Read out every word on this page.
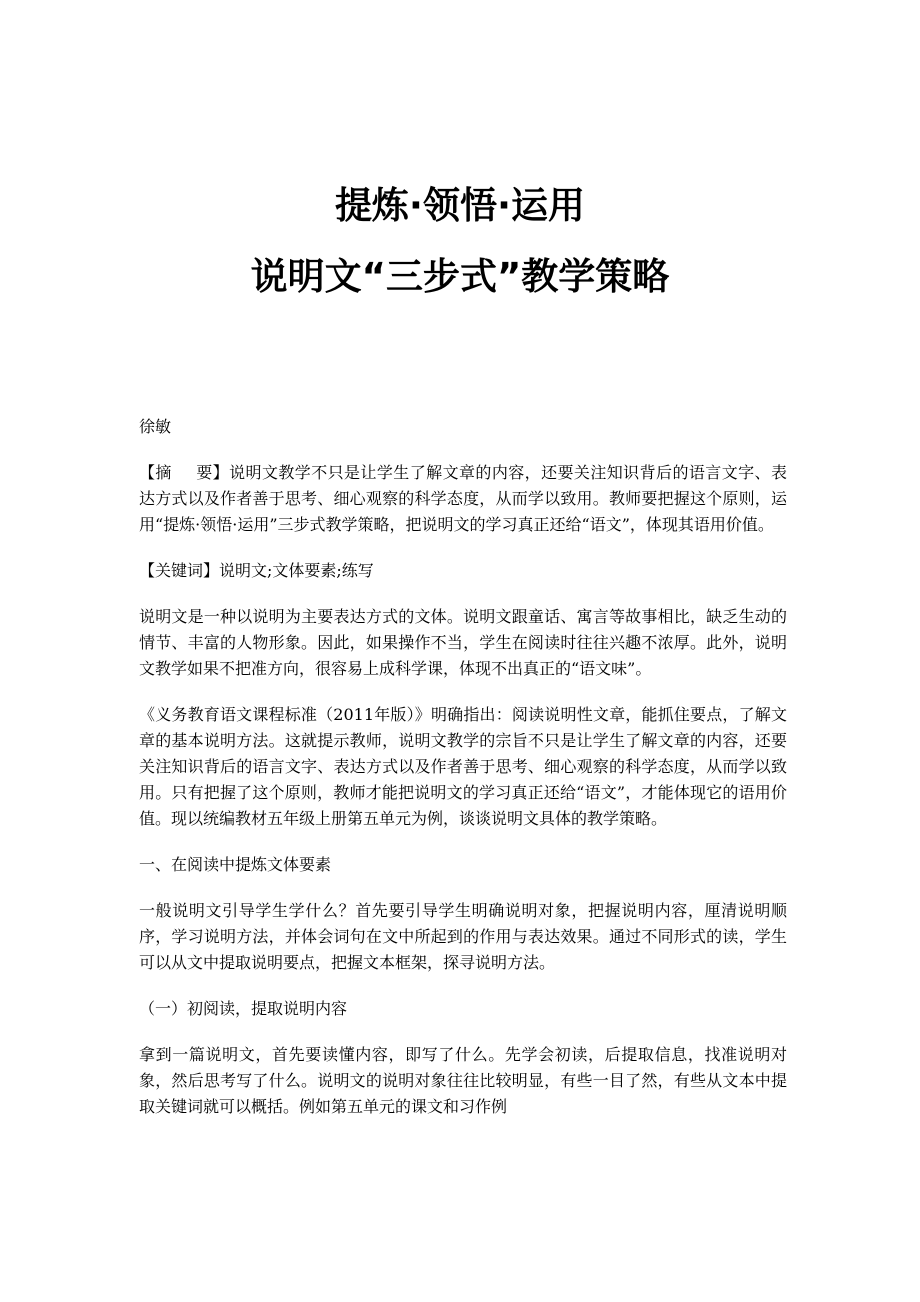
提炼·领悟·运用
说明文“三步式”教学策略

徐敏

【摘 要】说明文教学不只是让学生了解文章的内容，还要关注知识背后的语言文字、表达方式以及作者善于思考、细心观察的科学态度，从而学以致用。教师要把握这个原则，运用“提炼·领悟·运用”三步式教学策略，把说明文的学习真正还给“语文”，体现其语用价值。

【关键词】说明文;文体要素;练写

说明文是一种以说明为主要表达方式的文体。说明文跟童话、寓言等故事相比，缺乏生动的情节、丰富的人物形象。因此，如果操作不当，学生在阅读时往往兴趣不浓厚。此外，说明文教学如果不把准方向，很容易上成科学课，体现不出真正的“语文味”。

《义务教育语文课程标准（2011年版）》明确指出：阅读说明性文章，能抓住要点，了解文章的基本说明方法。这就提示教师，说明文教学的宗旨不只是让学生了解文章的内容，还要关注知识背后的语言文字、表达方式以及作者善于思考、细心观察的科学态度，从而学以致用。只有把握了这个原则，教师才能把说明文的学习真正还给“语文”，才能体现它的语用价值。现以统编教材五年级上册第五单元为例，谈谈说明文具体的教学策略。

一、在阅读中提炼文体要素

一般说明文引导学生学什么？首先要引导学生明确说明对象，把握说明内容，厘清说明顺序，学习说明方法，并体会词句在文中所起到的作用与表达效果。通过不同形式的读，学生可以从文中提取说明要点，把握文本框架，探寻说明方法。

（一）初阅读，提取说明内容

拿到一篇说明文，首先要读懂内容，即写了什么。先学会初读，后提取信息，找准说明对象，然后思考写了什么。说明文的说明对象往往比较明显，有些一目了然，有些从文本中提取关键词就可以概括。例如第五单元的课文和习作例
